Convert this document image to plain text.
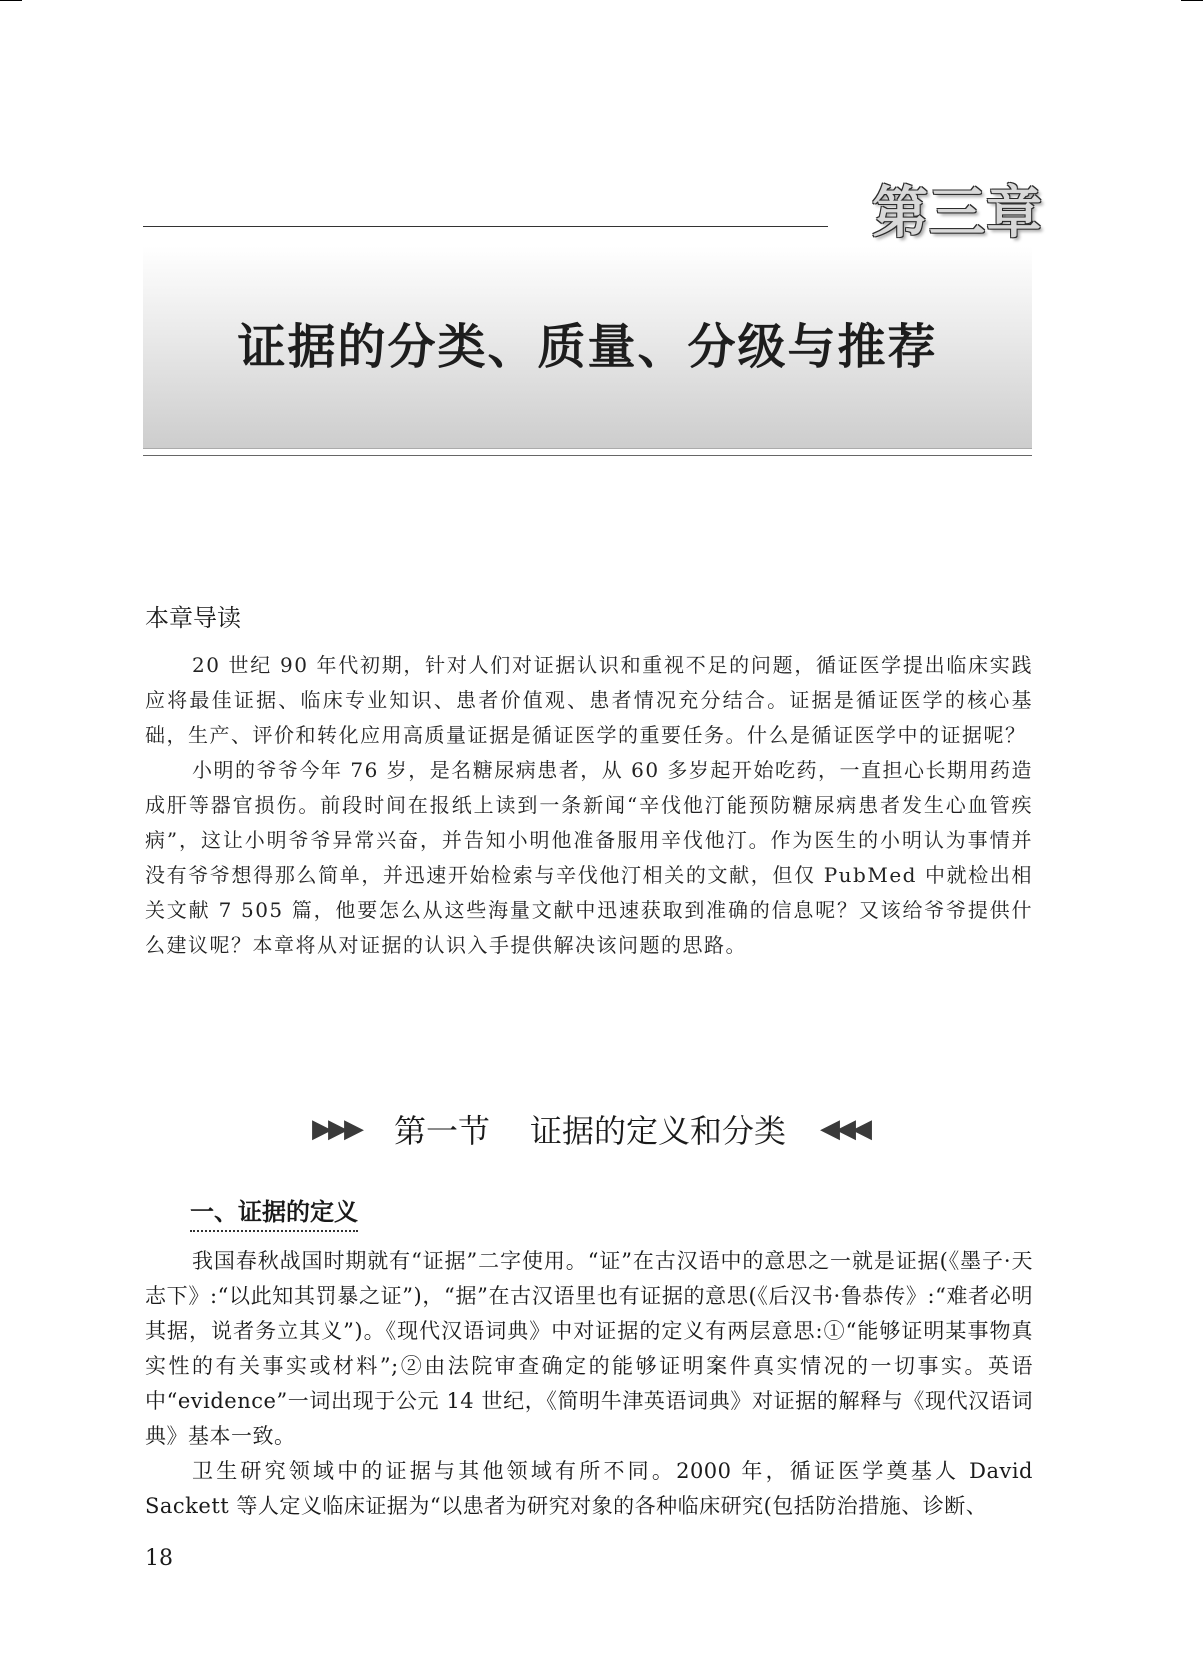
第三章
证据的分类、质量、分级与推荐
本章导读

20 世纪 90 年代初期，针对人们对证据认识和重视不足的问题，循证医学提出临床实践应将最佳证据、临床专业知识、患者价值观、患者情况充分结合。证据是循证医学的核心基础，生产、评价和转化应用高质量证据是循证医学的重要任务。什么是循证医学中的证据呢？

小明的爷爷今年 76 岁，是名糖尿病患者，从 60 多岁起开始吃药，一直担心长期用药造成肝等器官损伤。前段时间在报纸上读到一条新闻“辛伐他汀能预防糖尿病患者发生心血管疾病”，这让小明爷爷异常兴奋，并告知小明他准备服用辛伐他汀。作为医生的小明认为事情并没有爷爷想得那么简单，并迅速开始检索与辛伐他汀相关的文献，但仅 PubMed 中就检出相关文献 7 505 篇，他要怎么从这些海量文献中迅速获取到准确的信息呢？又该给爷爷提供什么建议呢？本章将从对证据的认识入手提供解决该问题的思路。

▶▶▶ 第一节 证据的定义和分类 ◀◀◀
一、证据的定义

我国春秋战国时期就有“证据”二字使用。“证”在古汉语中的意思之一就是证据(《墨子·天志下》:“以此知其罚暴之证”)，“据”在古汉语里也有证据的意思(《后汉书·鲁恭传》:“难者必明其据，说者务立其义”)。《现代汉语词典》中对证据的定义有两层意思:①“能够证明某事物真实性的有关事实或材料”;②由法院审查确定的能够证明案件真实情况的一切事实。英语中“evidence”一词出现于公元 14 世纪，《简明牛津英语词典》对证据的解释与《现代汉语词典》基本一致。

卫生研究领域中的证据与其他领域有所不同。2000 年，循证医学奠基人 David Sackett 等人定义临床证据为“以患者为研究对象的各种临床研究(包括防治措施、诊断、

18
